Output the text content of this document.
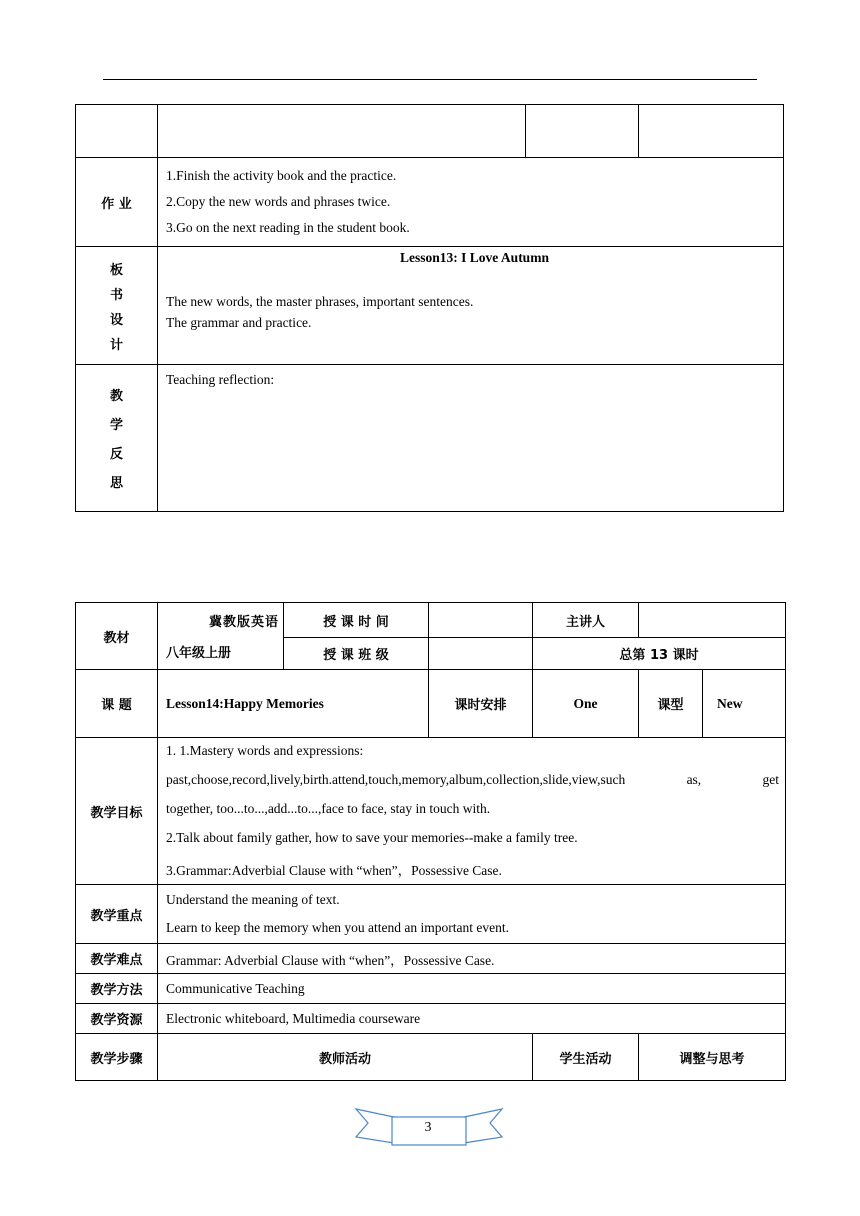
作 业	1.Finish the activity book and the practice.
2.Copy the new words and phrases twice.
3.Go on the next reading in the student book.		

板
书
设
计	Lesson13: I Love Autumn
The new words, the master phrases, important sentences.
The grammar and practice.		

教
学
反
思	Teaching reflection:		
教材	冀教版英语
八年级上册	授 课 时 间		主讲人		
		授 课 班 级		总第 13 课时		
课 题	Lesson14:Happy Memories		课时安排	One	课型	New
教学目标	1. 1.Mastery words and expressions:
past,choose,record,lively,birth.attend,touch,memory,album,collection,slide,view,such as, get
together, too...to...,add...to...,face to face, stay in touch with.
2.Talk about family gather, how to save your memories--make a family tree.
3.Grammar:Adverbial Clause with “when”，Possessive Case.					

教学重点	Understand the meaning of text.
Learn to keep the memory when you attend an important event.					

教学难点	Grammar: Adverbial Clause with “when”，Possessive Case.					
教学方法	Communicative Teaching					
教学资源	Electronic whiteboard, Multimedia courseware					
教学步骤	教师活动			学生活动	调整与思考	
3
